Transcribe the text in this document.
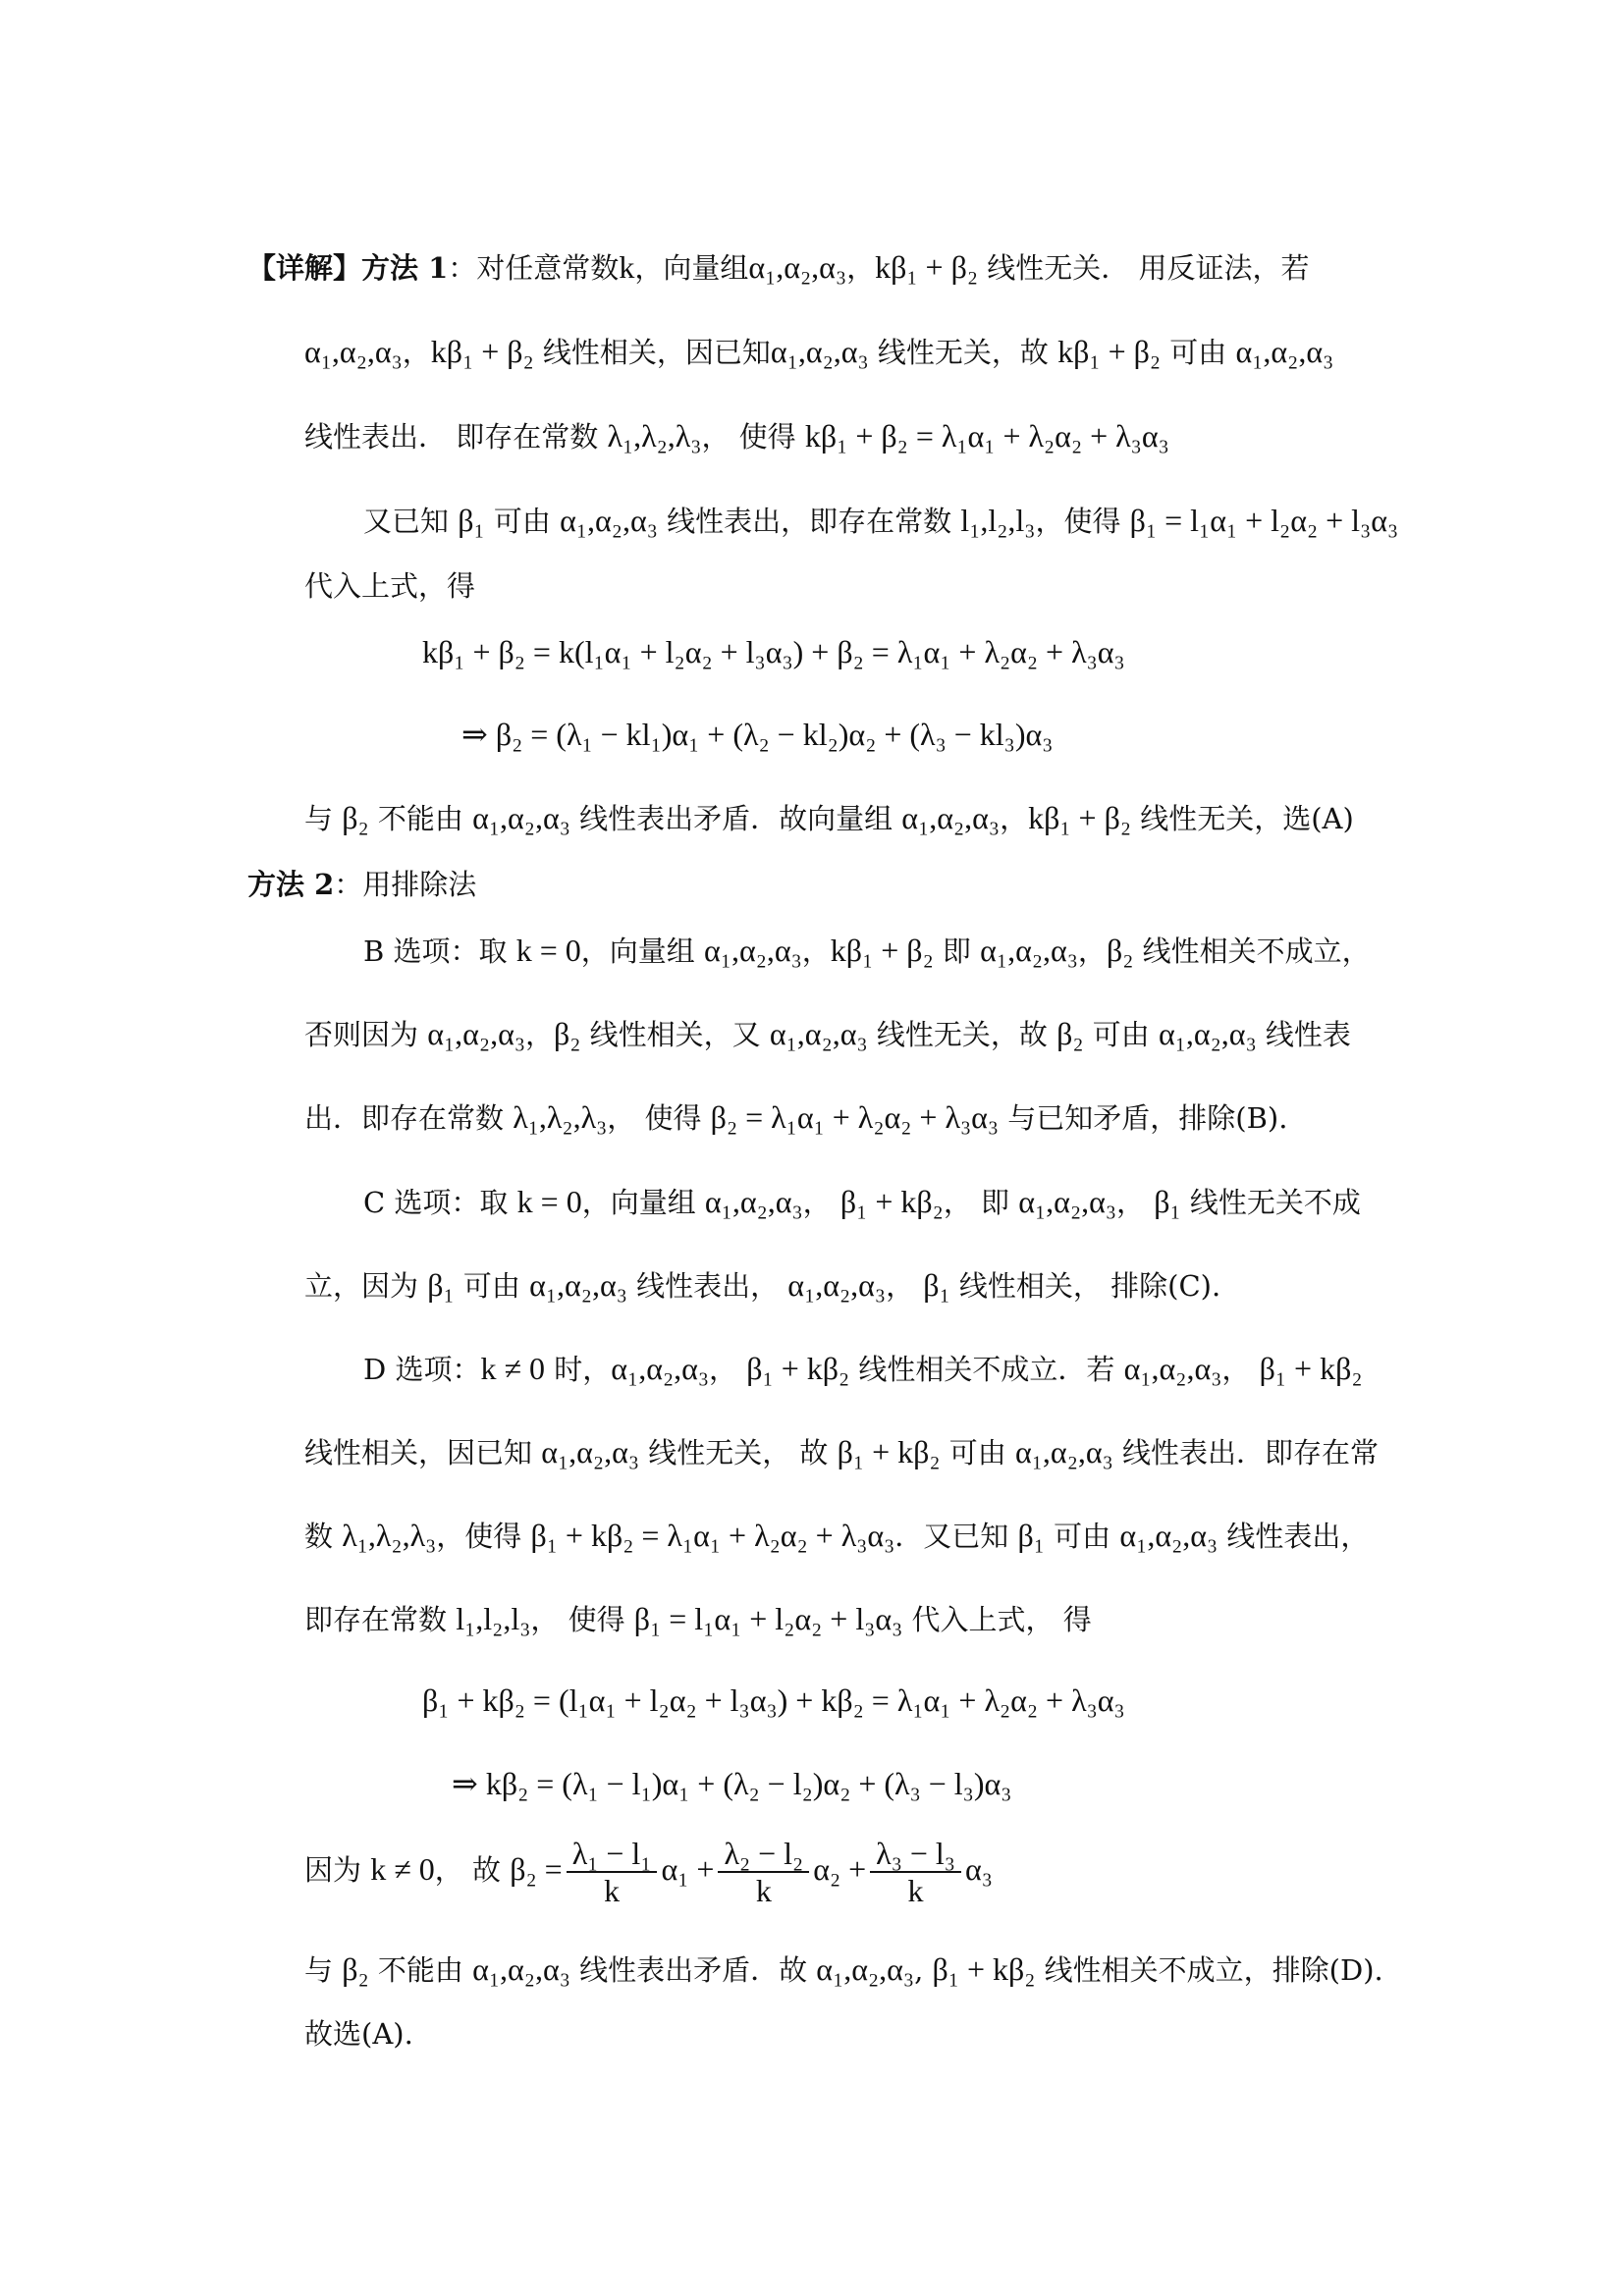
【详解】方法 1：对任意常数k，向量组α₁,α₂,α₃，kβ₁ + β₂ 线性无关． 用反证法，若
α₁,α₂,α₃，kβ₁ + β₂ 线性相关，因已知α₁,α₂,α₃ 线性无关，故 kβ₁ + β₂ 可由 α₁,α₂,α₃
线性表出． 即存在常数 λ₁,λ₂,λ₃， 使得 kβ₁ + β₂ = λ₁α₁ + λ₂α₂ + λ₃α₃
又已知 β₁ 可由 α₁,α₂,α₃ 线性表出，即存在常数 l₁,l₂,l₃，使得 β₁ = l₁α₁ + l₂α₂ + l₃α₃
代入上式，得
kβ₁ + β₂ = k(l₁α₁ + l₂α₂ + l₃α₃) + β₂ = λ₁α₁ + λ₂α₂ + λ₃α₃
⇒ β₂ = (λ₁ − kl₁)α₁ + (λ₂ − kl₂)α₂ + (λ₃ − kl₃)α₃
与 β₂ 不能由 α₁,α₂,α₃ 线性表出矛盾．故向量组 α₁,α₂,α₃，kβ₁ + β₂ 线性无关，选(A)
方法 2：用排除法
B 选项：取 k = 0，向量组 α₁,α₂,α₃，kβ₁ + β₂ 即 α₁,α₂,α₃，β₂ 线性相关不成立，
否则因为 α₁,α₂,α₃，β₂ 线性相关，又 α₁,α₂,α₃ 线性无关，故 β₂ 可由 α₁,α₂,α₃ 线性表
出．即存在常数 λ₁,λ₂,λ₃， 使得 β₂ = λ₁α₁ + λ₂α₂ + λ₃α₃ 与已知矛盾，排除(B).
C 选项：取 k = 0，向量组 α₁,α₂,α₃， β₁ + kβ₂， 即 α₁,α₂,α₃， β₁ 线性无关不成
立，因为 β₁ 可由 α₁,α₂,α₃ 线性表出， α₁,α₂,α₃， β₁ 线性相关， 排除(C).
D 选项：k ≠ 0 时，α₁,α₂,α₃， β₁ + kβ₂ 线性相关不成立．若 α₁,α₂,α₃， β₁ + kβ₂
线性相关，因已知 α₁,α₂,α₃ 线性无关， 故 β₁ + kβ₂ 可由 α₁,α₂,α₃ 线性表出．即存在常
数 λ₁,λ₂,λ₃，使得 β₁ + kβ₂ = λ₁α₁ + λ₂α₂ + λ₃α₃．又已知 β₁ 可由 α₁,α₂,α₃ 线性表出，
即存在常数 l₁,l₂,l₃， 使得 β₁ = l₁α₁ + l₂α₂ + l₃α₃ 代入上式， 得
β₁ + kβ₂ = (l₁α₁ + l₂α₂ + l₃α₃) + kβ₂ = λ₁α₁ + λ₂α₂ + λ₃α₃
⇒ kβ₂ = (λ₁ − l₁)α₁ + (λ₂ − l₂)α₂ + (λ₃ − l₃)α₃
因为 k ≠ 0， 故 $\beta_2 = \frac{\text{λ₁ − l₁}}{k} \alpha_1 + \frac{\text{λ₂ − l₂}}{k} \alpha_2 + \frac{\text{λ₃ − l₃}}{k} \alpha_3$
与 β₂ 不能由 α₁,α₂,α₃ 线性表出矛盾．故 α₁,α₂,α₃, β₁ + kβ₂ 线性相关不成立，排除(D).
故选(A).
